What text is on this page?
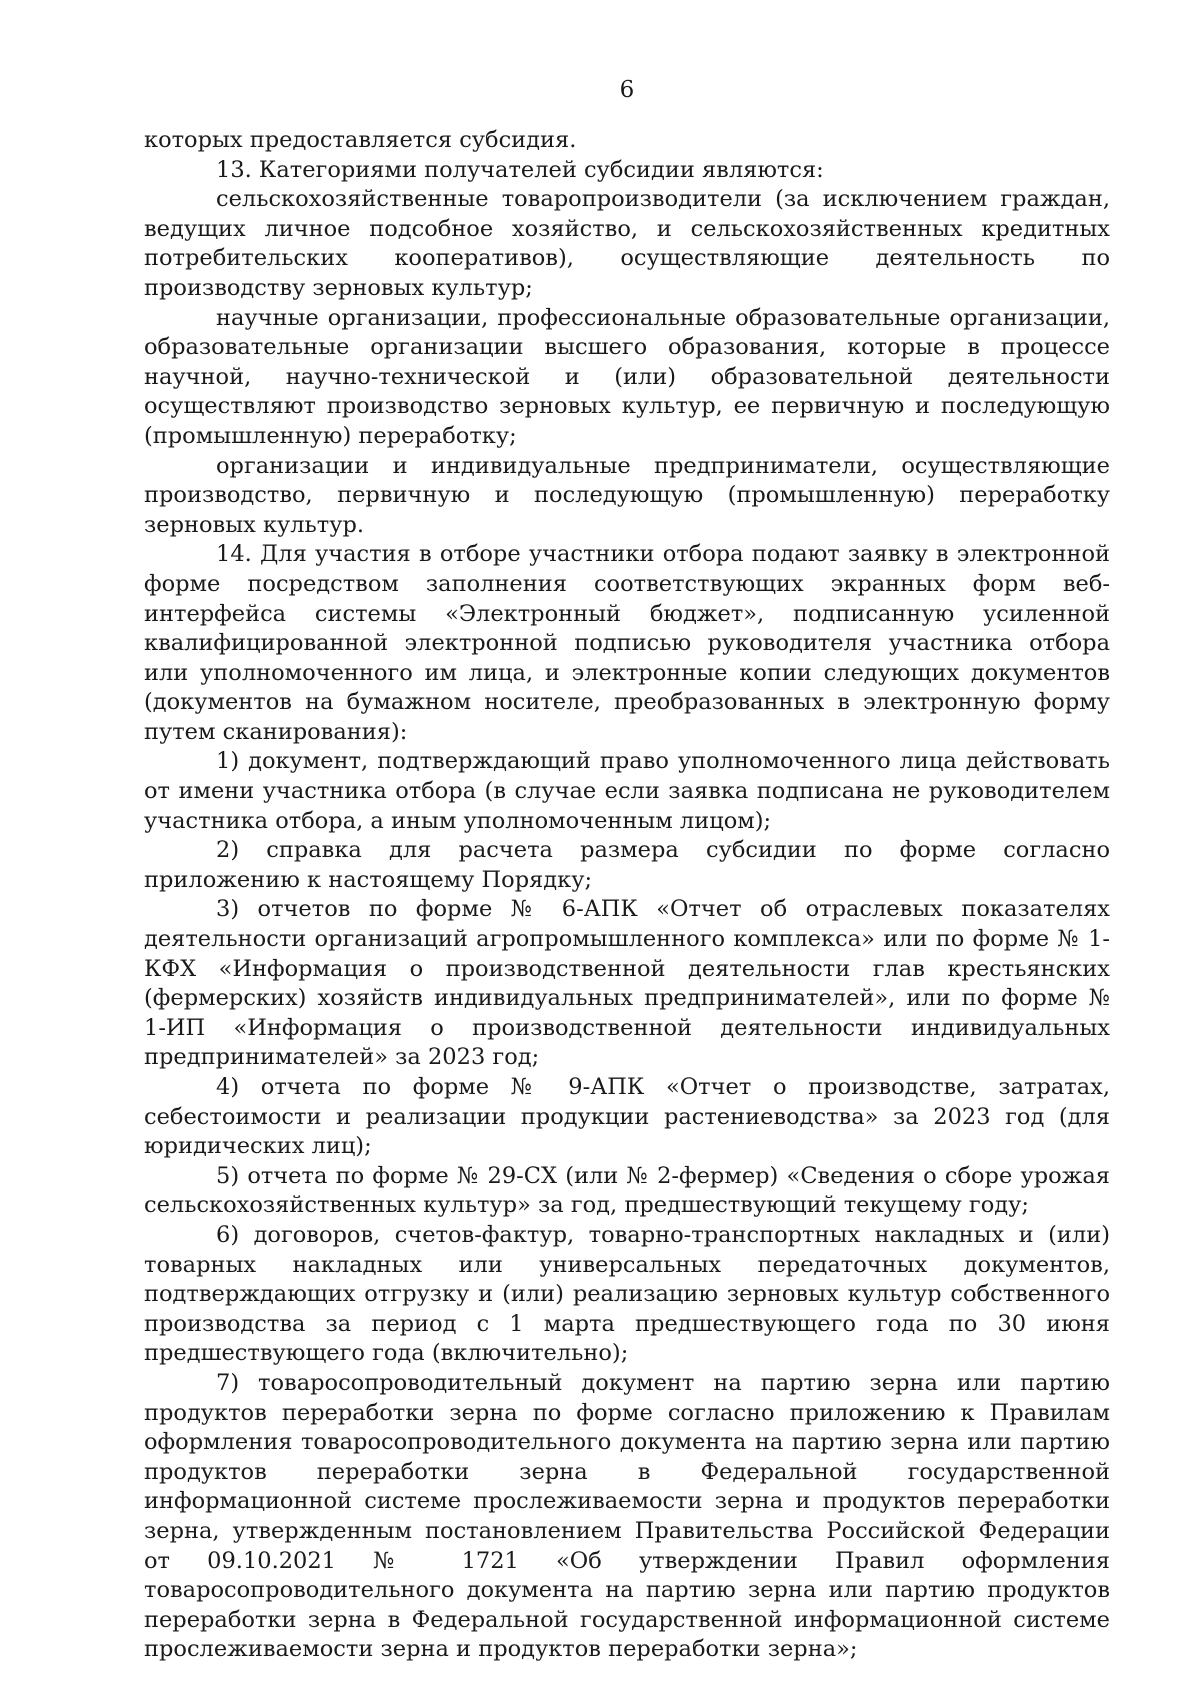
6

которых предоставляется субсидия.

13. Категориями получателей субсидии являются:

сельскохозяйственные товаропроизводители (за исключением граждан, ведущих личное подсобное хозяйство, и сельскохозяйственных кредитных потребительских кооперативов), осуществляющие деятельность по производству зерновых культур;

научные организации, профессиональные образовательные организации, образовательные организации высшего образования, которые в процессе научной, научно-технической и (или) образовательной деятельности осуществляют производство зерновых культур, ее первичную и последующую (промышленную) переработку;

организации и индивидуальные предприниматели, осуществляющие производство, первичную и последующую (промышленную) переработку зерновых культур.

14. Для участия в отборе участники отбора подают заявку в электронной форме посредством заполнения соответствующих экранных форм веб-интерфейса системы «Электронный бюджет», подписанную усиленной квалифицированной электронной подписью руководителя участника отбора или уполномоченного им лица, и электронные копии следующих документов (документов на бумажном носителе, преобразованных в электронную форму путем сканирования):

1) документ, подтверждающий право уполномоченного лица действовать от имени участника отбора (в случае если заявка подписана не руководителем участника отбора, а иным уполномоченным лицом);

2) справка для расчета размера субсидии по форме согласно приложению к настоящему Порядку;

3) отчетов по форме № 6-АПК «Отчет об отраслевых показателях деятельности организаций агропромышленного комплекса» или по форме № 1-КФХ «Информация о производственной деятельности глав крестьянских (фермерских) хозяйств индивидуальных предпринимателей», или по форме № 1-ИП «Информация о производственной деятельности индивидуальных предпринимателей» за 2023 год;

4) отчета по форме № 9-АПК «Отчет о производстве, затратах, себестоимости и реализации продукции растениеводства» за 2023 год (для юридических лиц);

5) отчета по форме № 29-СХ (или № 2-фермер) «Сведения о сборе урожая сельскохозяйственных культур» за год, предшествующий текущему году;

6) договоров, счетов-фактур, товарно-транспортных накладных и (или) товарных накладных или универсальных передаточных документов, подтверждающих отгрузку и (или) реализацию зерновых культур собственного производства за период с 1 марта предшествующего года по 30 июня предшествующего года (включительно);

7) товаросопроводительный документ на партию зерна или партию продуктов переработки зерна по форме согласно приложению к Правилам оформления товаросопроводительного документа на партию зерна или партию продуктов переработки зерна в Федеральной государственной информационной системе прослеживаемости зерна и продуктов переработки зерна, утвержденным постановлением Правительства Российской Федерации от 09.10.2021 № 1721 «Об утверждении Правил оформления товаросопроводительного документа на партию зерна или партию продуктов переработки зерна в Федеральной государственной информационной системе прослеживаемости зерна и продуктов переработки зерна»;
